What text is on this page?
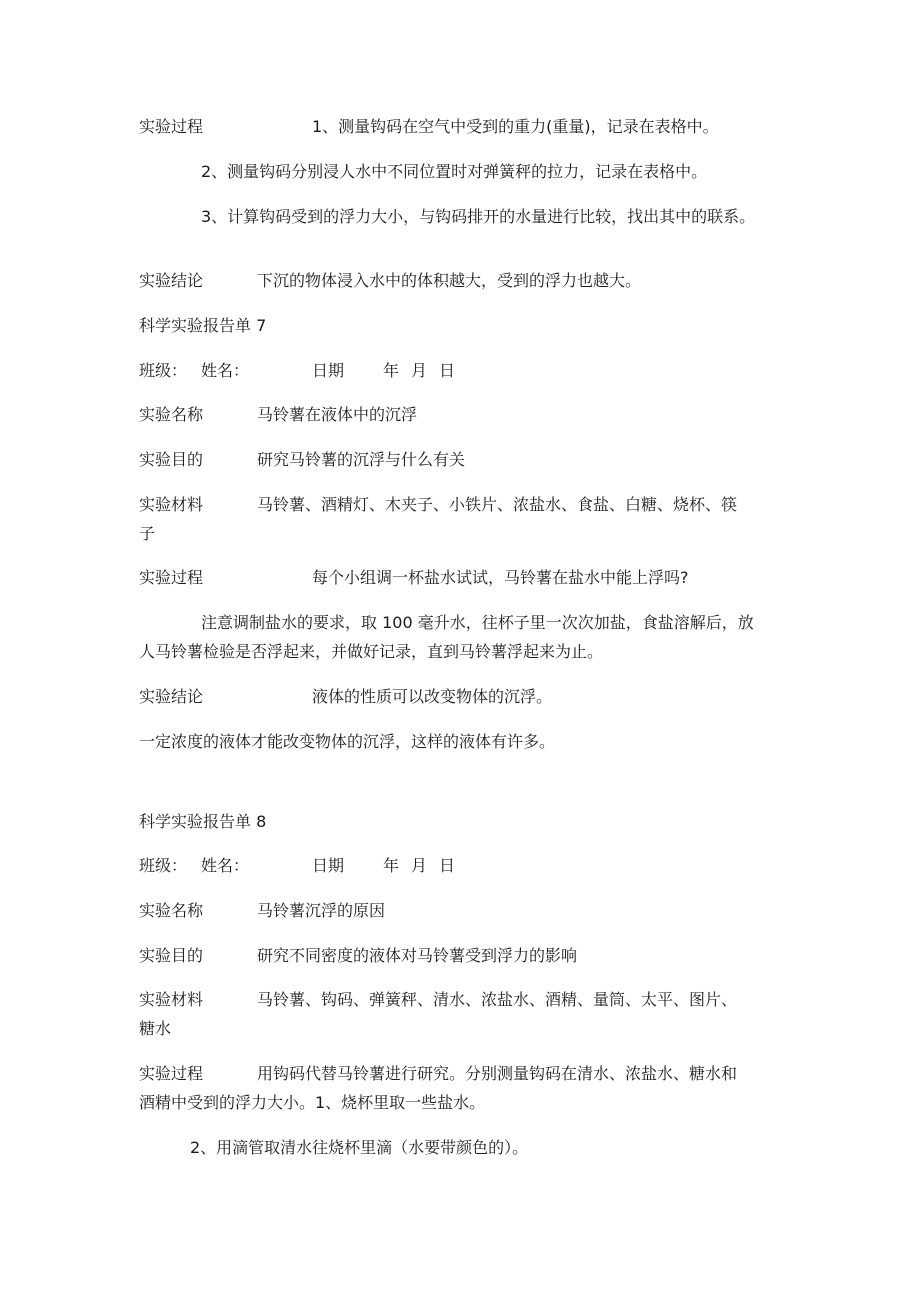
实验过程	1、测量钩码在空气中受到的重力(重量)，记录在表格中。
2、测量钩码分别浸人水中不同位置时对弹簧秤的拉力，记录在表格中。
3、计算钩码受到的浮力大小，与钩码排开的水量进行比较，找出其中的联系。
实验结论	下沉的物体浸入水中的体积越大，受到的浮力也越大。
科学实验报告单 7
班级： 姓名：	日期 年 月 日
实验名称	马铃薯在液体中的沉浮
实验目的	研究马铃薯的沉浮与什么有关
实验材料	马铃薯、酒精灯、木夹子、小铁片、浓盐水、食盐、白糖、烧杯、筷
子
实验过程	每个小组调一杯盐水试试，马铃薯在盐水中能上浮吗?
注意调制盐水的要求，取 100 毫升水，往杯子里一次次加盐，食盐溶解后，放
人马铃薯检验是否浮起来，并做好记录，直到马铃薯浮起来为止。
实验结论	液体的性质可以改变物体的沉浮。
一定浓度的液体才能改变物体的沉浮，这样的液体有许多。
科学实验报告单 8
班级： 姓名：	日期 年 月 日
实验名称	马铃薯沉浮的原因
实验目的	研究不同密度的液体对马铃薯受到浮力的影响
实验材料	马铃薯、钩码、弹簧秤、清水、浓盐水、酒精、量筒、太平、图片、
糖水
实验过程	用钩码代替马铃薯进行研究。分别测量钩码在清水、浓盐水、糖水和
酒精中受到的浮力大小。1、烧杯里取一些盐水。
2、用滴管取清水往烧杯里滴（水要带颜色的）。
